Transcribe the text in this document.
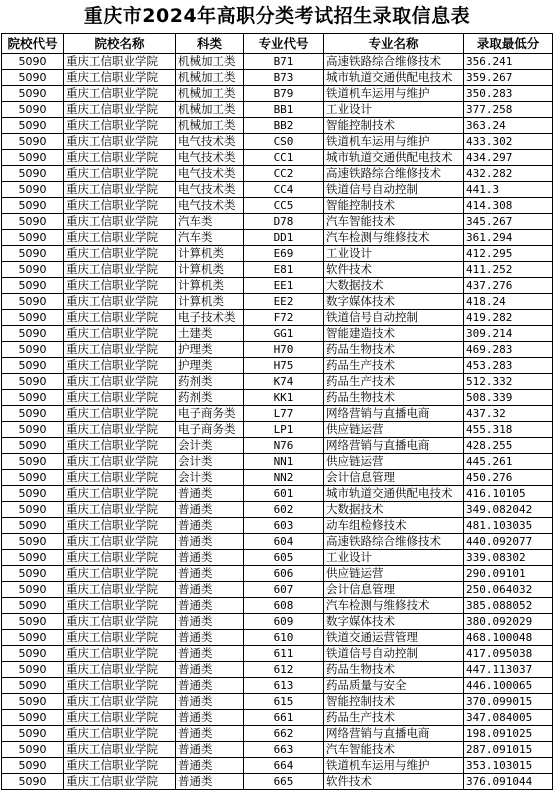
重庆市2024年高职分类考试招生录取信息表
院校代号	院校名称	科类	专业代号	专业名称	录取最低分
5090	重庆工信职业学院	机械加工类	B71	高速铁路综合维修技术	356.241
5090	重庆工信职业学院	机械加工类	B73	城市轨道交通供配电技术	359.267
5090	重庆工信职业学院	机械加工类	B79	铁道机车运用与维护	350.283
5090	重庆工信职业学院	机械加工类	BB1	工业设计	377.258
5090	重庆工信职业学院	机械加工类	BB2	智能控制技术	363.24
5090	重庆工信职业学院	电气技术类	CS0	铁道机车运用与维护	433.302
5090	重庆工信职业学院	电气技术类	CC1	城市轨道交通供配电技术	434.297
5090	重庆工信职业学院	电气技术类	CC2	高速铁路综合维修技术	432.282
5090	重庆工信职业学院	电气技术类	CC4	铁道信号自动控制	441.3
5090	重庆工信职业学院	电气技术类	CC5	智能控制技术	414.308
5090	重庆工信职业学院	汽车类	D78	汽车智能技术	345.267
5090	重庆工信职业学院	汽车类	DD1	汽车检测与维修技术	361.294
5090	重庆工信职业学院	计算机类	E69	工业设计	412.295
5090	重庆工信职业学院	计算机类	E81	软件技术	411.252
5090	重庆工信职业学院	计算机类	EE1	大数据技术	437.276
5090	重庆工信职业学院	计算机类	EE2	数字媒体技术	418.24
5090	重庆工信职业学院	电子技术类	F72	铁道信号自动控制	419.282
5090	重庆工信职业学院	土建类	GG1	智能建造技术	309.214
5090	重庆工信职业学院	护理类	H70	药品生物技术	469.283
5090	重庆工信职业学院	护理类	H75	药品生产技术	453.283
5090	重庆工信职业学院	药剂类	K74	药品生产技术	512.332
5090	重庆工信职业学院	药剂类	KK1	药品生物技术	508.339
5090	重庆工信职业学院	电子商务类	L77	网络营销与直播电商	437.32
5090	重庆工信职业学院	电子商务类	LP1	供应链运营	455.318
5090	重庆工信职业学院	会计类	N76	网络营销与直播电商	428.255
5090	重庆工信职业学院	会计类	NN1	供应链运营	445.261
5090	重庆工信职业学院	会计类	NN2	会计信息管理	450.276
5090	重庆工信职业学院	普通类	601	城市轨道交通供配电技术	416.10105
5090	重庆工信职业学院	普通类	602	大数据技术	349.082042
5090	重庆工信职业学院	普通类	603	动车组检修技术	481.103035
5090	重庆工信职业学院	普通类	604	高速铁路综合维修技术	440.092077
5090	重庆工信职业学院	普通类	605	工业设计	339.08302
5090	重庆工信职业学院	普通类	606	供应链运营	290.09101
5090	重庆工信职业学院	普通类	607	会计信息管理	250.064032
5090	重庆工信职业学院	普通类	608	汽车检测与维修技术	385.088052
5090	重庆工信职业学院	普通类	609	数字媒体技术	380.092029
5090	重庆工信职业学院	普通类	610	铁道交通运营管理	468.100048
5090	重庆工信职业学院	普通类	611	铁道信号自动控制	417.095038
5090	重庆工信职业学院	普通类	612	药品生物技术	447.113037
5090	重庆工信职业学院	普通类	613	药品质量与安全	446.100065
5090	重庆工信职业学院	普通类	615	智能控制技术	370.099015
5090	重庆工信职业学院	普通类	661	药品生产技术	347.084005
5090	重庆工信职业学院	普通类	662	网络营销与直播电商	198.091025
5090	重庆工信职业学院	普通类	663	汽车智能技术	287.091015
5090	重庆工信职业学院	普通类	664	铁道机车运用与维护	353.103015
5090	重庆工信职业学院	普通类	665	软件技术	376.091044
